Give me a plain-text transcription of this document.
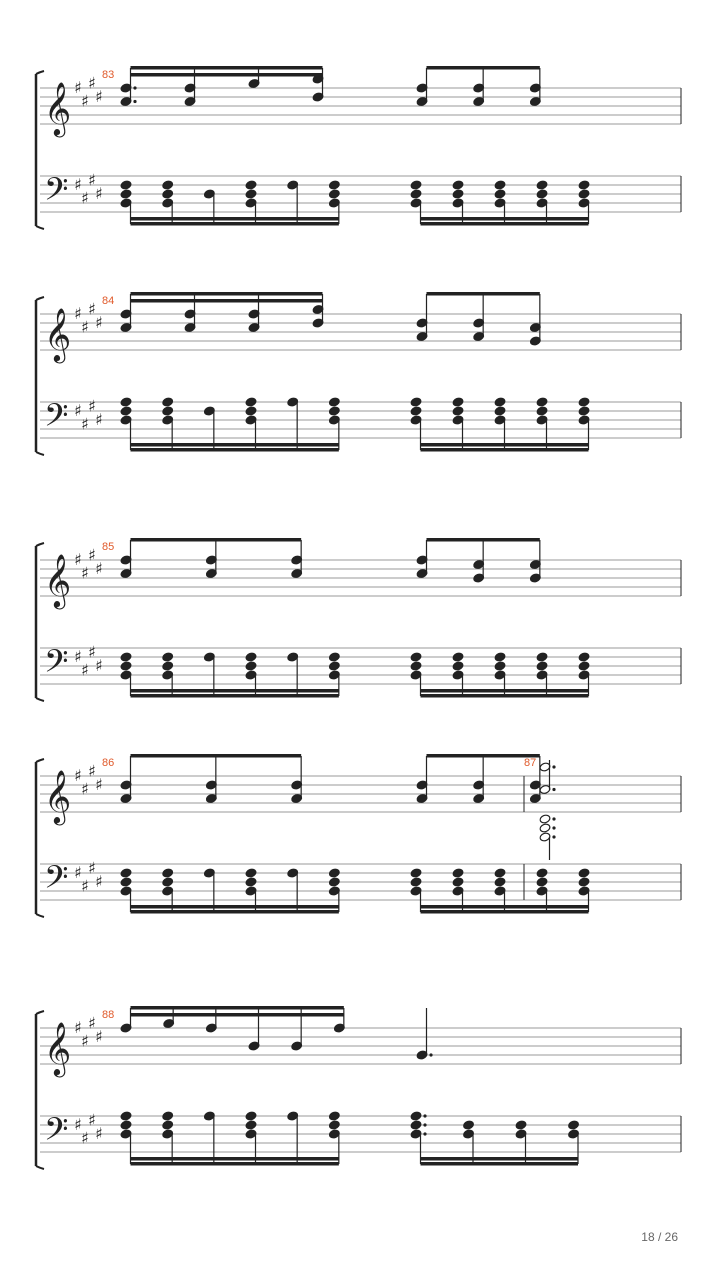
𝄞
𝄢
♯
♯
♯
♯
♯
♯
♯
♯
83
𝄞
𝄢
♯
♯
♯
♯
♯
♯
♯
♯
84
𝄞
𝄢
♯
♯
♯
♯
♯
♯
♯
♯
85
𝄞
𝄢
♯
♯
♯
♯
♯
♯
♯
♯
86
𝄞
𝄢
♯
♯
♯
♯
♯
♯
♯
♯
88
87
18 / 26
